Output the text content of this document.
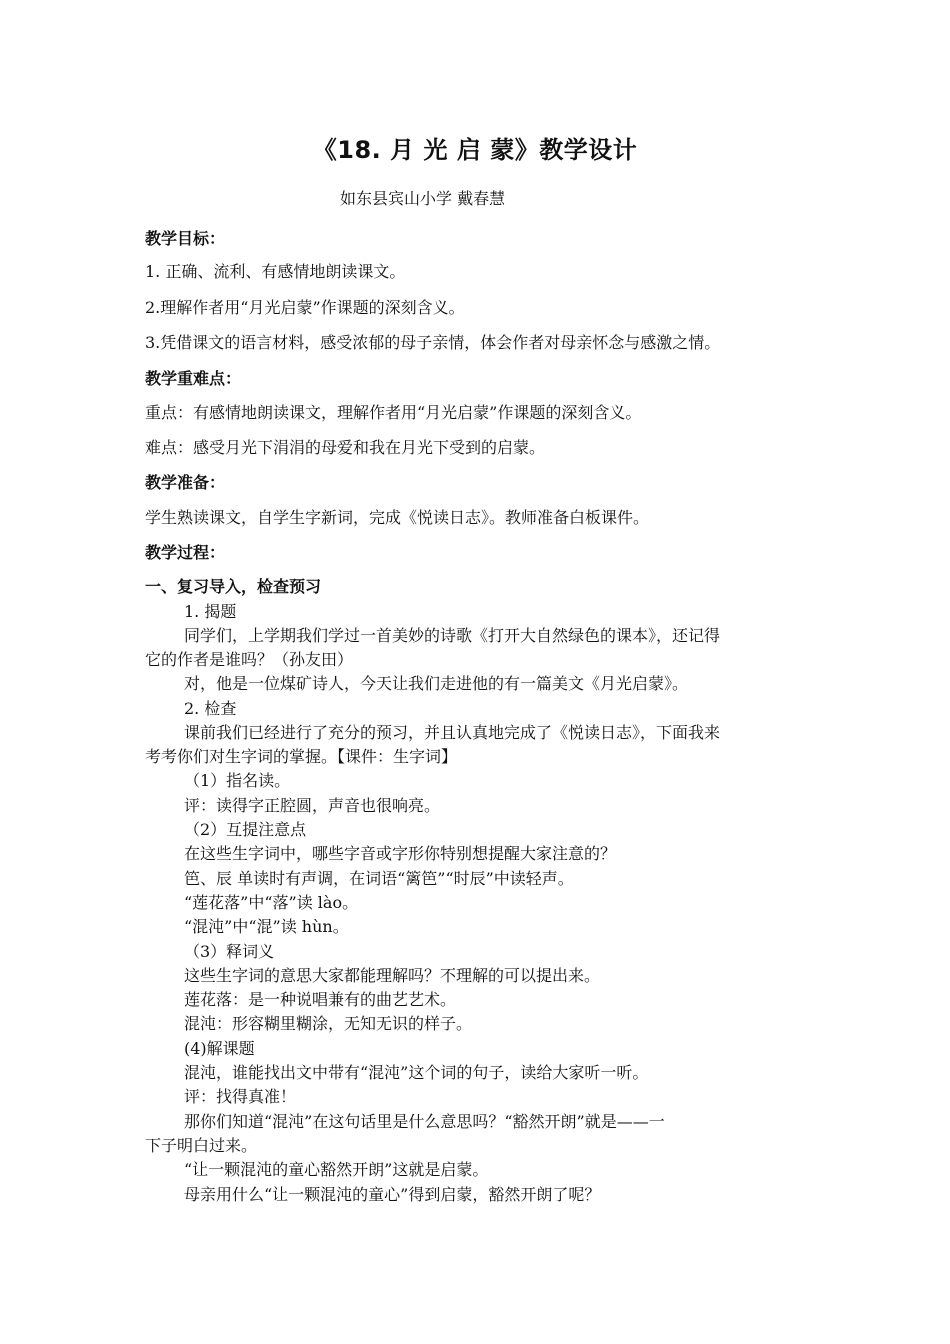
《18. 月 光 启 蒙》教学设计
如东县宾山小学 戴春慧
教学目标：
1. 正确、流利、有感情地朗读课文。
2.理解作者用“月光启蒙”作课题的深刻含义。
3.凭借课文的语言材料，感受浓郁的母子亲情，体会作者对母亲怀念与感激之情。
教学重难点：
重点：有感情地朗读课文，理解作者用“月光启蒙”作课题的深刻含义。
难点：感受月光下涓涓的母爱和我在月光下受到的启蒙。
教学准备：
学生熟读课文，自学生字新词，完成《悦读日志》。教师准备白板课件。
教学过程：
一、复习导入，检查预习
1. 揭题
同学们，上学期我们学过一首美妙的诗歌《打开大自然绿色的课本》，还记得
它的作者是谁吗？（孙友田）
对，他是一位煤矿诗人，今天让我们走进他的有一篇美文《月光启蒙》。
2. 检查
课前我们已经进行了充分的预习，并且认真地完成了《悦读日志》，下面我来
考考你们对生字词的掌握。【课件：生字词】
（1）指名读。
评：读得字正腔圆，声音也很响亮。
（2）互提注意点
在这些生字词中，哪些字音或字形你特别想提醒大家注意的？
笆、辰 单读时有声调，在词语“篱笆”“时辰”中读轻声。
“莲花落”中“落”读 lào。
“混沌”中“混”读 hùn。
（3）释词义
这些生字词的意思大家都能理解吗？不理解的可以提出来。
莲花落：是一种说唱兼有的曲艺艺术。
混沌：形容糊里糊涂，无知无识的样子。
(4)解课题
混沌，谁能找出文中带有“混沌”这个词的句子，读给大家听一听。
评：找得真准！
那你们知道“混沌”在这句话里是什么意思吗？“豁然开朗”就是——一
下子明白过来。
“让一颗混沌的童心豁然开朗”这就是启蒙。
母亲用什么“让一颗混沌的童心”得到启蒙，豁然开朗了呢？
